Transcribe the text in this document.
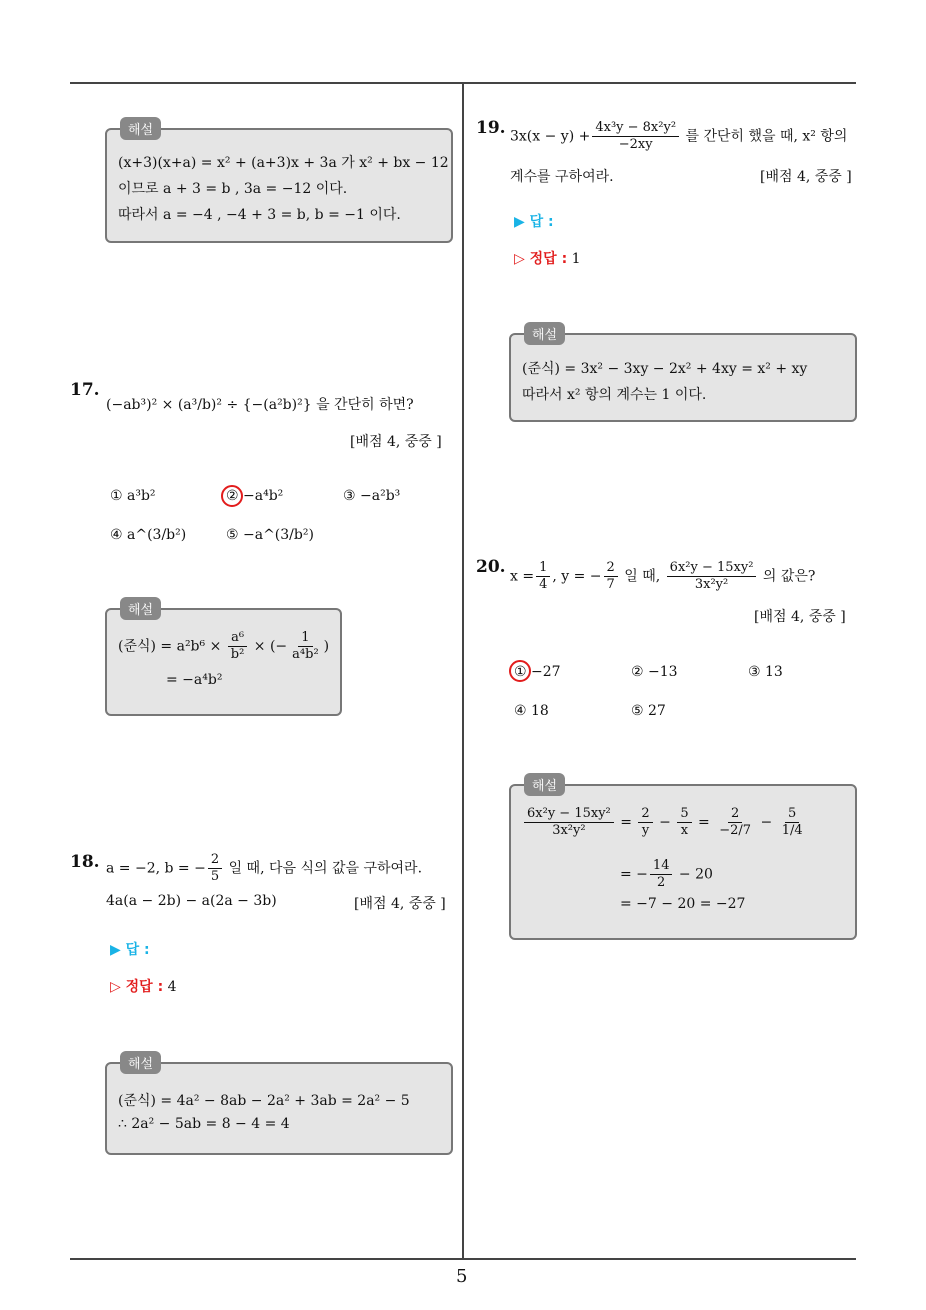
5
해설
(x+3)(x+a) = x² + (a+3)x + 3a 가 x² + bx − 12
이므로 a + 3 = b , 3a = −12 이다.
따라서 a = −4 , −4 + 3 = b, b = −1 이다.
17.
(−ab³)² × (a³/b)² ÷ {−(a²b)²} 을 간단히 하면?
[배점 4, 중중 ]
① a³b²	② −a⁴b²	③ −a²b³
④ a^(3/b²)	⑤ −a^(3/b²)
해설
(준식) = $a^2b^6 \times \frac{\text{a⁶}}{\text{b²}}$ × (− $\frac{1}{\text{a⁴b²}}$ )
= −a⁴b²
18. a = −2, b = − $\frac{2}{5}$ 일 때, 다음 식의 값을 구하여라.
4a(a − 2b) − a(2a − 3b)	[배점 4, 중중 ]
▶ 답 :
▷ 정답 : 4
해설
(준식) = 4a² − 8ab − 2a² + 3ab = 2a² − 5
∴ 2a² − 5ab = 8 − 4 = 4
19. $3x(x - y) + \frac{\text{4x³y − 8x²y²}}{-2xy}$ 를 간단히 했을 때, x² 항의
계수를 구하여라.	[배점 4, 중중 ]
▶ 답 :
▷ 정답 : 1
해설
(준식) = 3x² − 3xy − 2x² + 4xy = x² + xy
따라서 x² 항의 계수는 1 이다.
20. $x = \frac{1}{4}$ , y = − $\frac{2}{7}$ 일 때, $\frac{\text{6x²y − 15xy²}}{\text{3x²y²}}$ 의 값은?
[배점 4, 중중 ]
① −27	② −13	③ 13
④ 18	⑤ 27
해설
$\frac{\text{6x²y − 15xy²}}{\text{3x²y²}} = \frac{2}{y} - \frac{5}{x} = \frac{2}{-2/7} - \frac{5}{1/4}$
= − $\frac{14}{2} - 20$
= −7 − 20 = −27
